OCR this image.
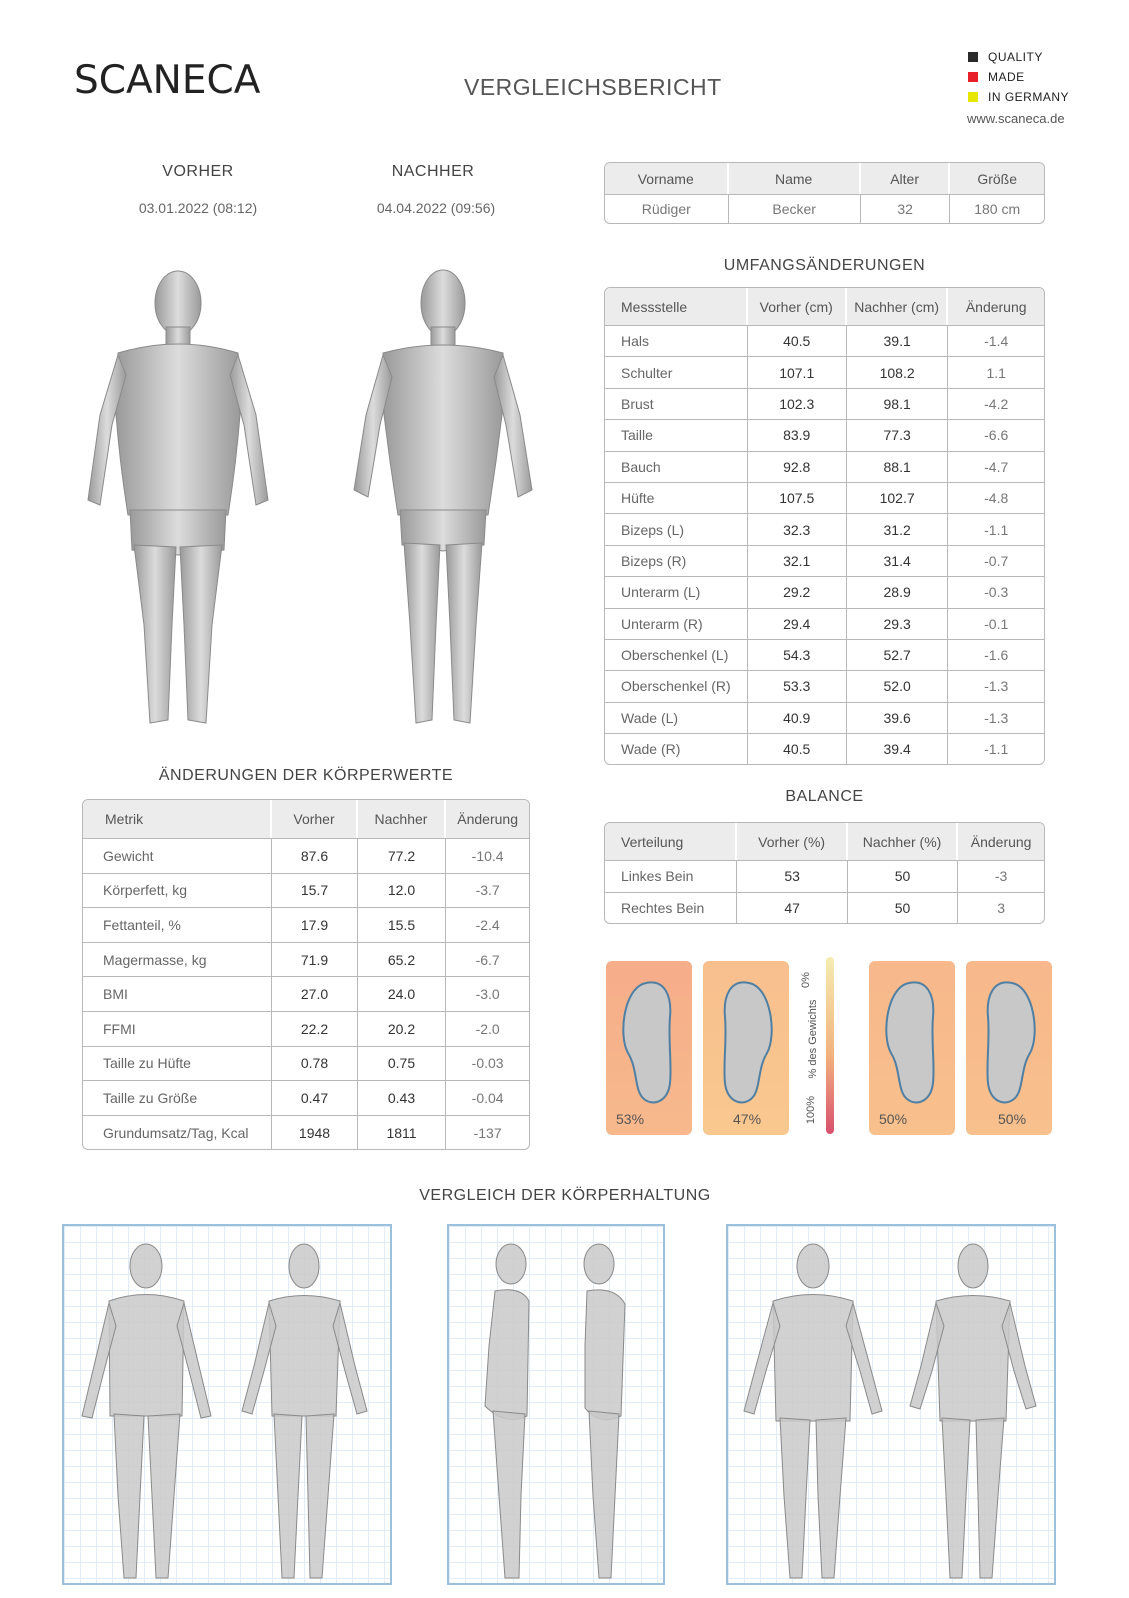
SCANECA	VERGLEICHSBERICHT
QUALITY
MADE
IN GERMANY
www.scaneca.de
VORHER
03.01.2022 (08:12)
NACHHER
04.04.2022 (09:56)
Vorname	Name	Alter	Größe
Rüdiger	Becker	32	180 cm
UMFANGSÄNDERUNGEN
Messstelle	Vorher (cm)	Nachher (cm)	Änderung
Hals	40.5	39.1	-1.4
Schulter	107.1	108.2	1.1
Brust	102.3	98.1	-4.2
Taille	83.9	77.3	-6.6
Bauch	92.8	88.1	-4.7
Hüfte	107.5	102.7	-4.8
Bizeps (L)	32.3	31.2	-1.1
Bizeps (R)	32.1	31.4	-0.7
Unterarm (L)	29.2	28.9	-0.3
Unterarm (R)	29.4	29.3	-0.1
Oberschenkel (L)	54.3	52.7	-1.6
Oberschenkel (R)	53.3	52.0	-1.3
Wade (L)	40.9	39.6	-1.3
Wade (R)	40.5	39.4	-1.1
ÄNDERUNGEN DER KÖRPERWERTE
Metrik	Vorher	Nachher	Änderung
Gewicht	87.6	77.2	-10.4
Körperfett, kg	15.7	12.0	-3.7
Fettanteil, %	17.9	15.5	-2.4
Magermasse, kg	71.9	65.2	-6.7
BMI	27.0	24.0	-3.0
FFMI	22.2	20.2	-2.0
Taille zu Hüfte	0.78	0.75	-0.03
Taille zu Größe	0.47	0.43	-0.04
Grundumsatz/Tag, Kcal	1948	1811	-137
BALANCE
Verteilung	Vorher (%)	Nachher (%)	Änderung
Linkes Bein	53	50	-3
Rechtes Bein	47	50	3
53%	47%
0%
% des Gewichts
100%	50%	50%
VERGLEICH DER KÖRPERHALTUNG
